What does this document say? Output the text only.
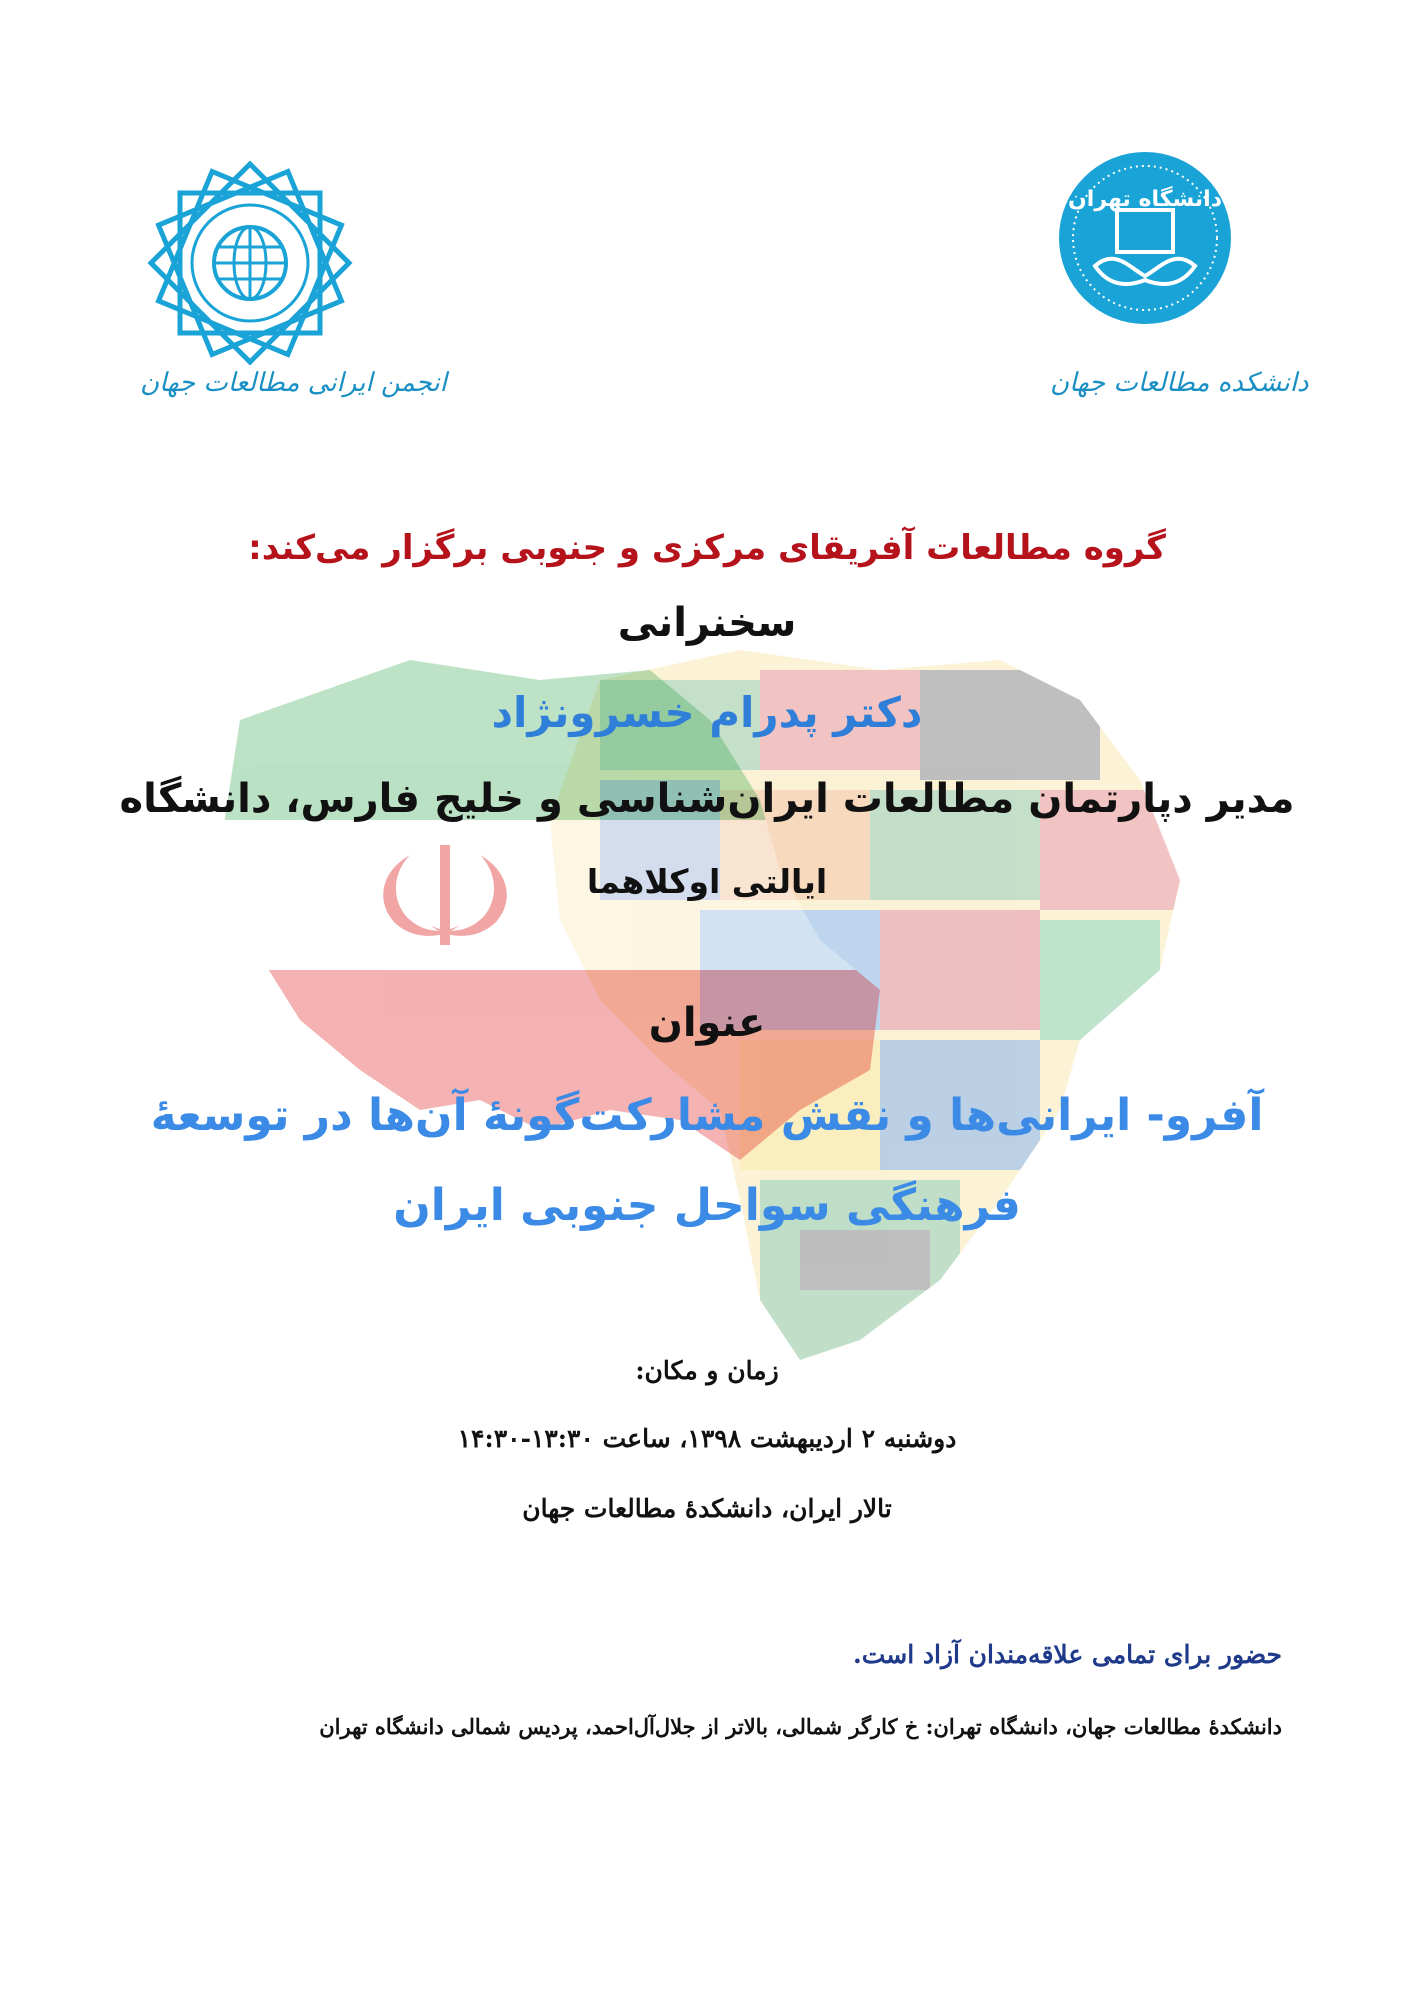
انجمن ایرانی مطالعات جهان
دانشگاه تهران
دانشکده مطالعات جهان
گروه مطالعات آفریقای مرکزی و جنوبی برگزار می‌کند:
سخنرانی
دکتر پدرام خسرونژاد
مدیر دپارتمان مطالعات ایران‌شناسی و خلیج فارس، دانشگاه
ایالتی اوکلاهما
عنوان
آفرو- ایرانی‌ها و نقش مشارکت‌گونهٔ آن‌ها در توسعهٔ
فرهنگی سواحل جنوبی ایران
زمان و مکان:
دوشنبه ۲ اردیبهشت ۱۳۹۸، ساعت ۱۳:۳۰-۱۴:۳۰
تالار ایران، دانشکدهٔ مطالعات جهان
حضور برای تمامی علاقه‌مندان آزاد است.
دانشکدهٔ مطالعات جهان، دانشگاه تهران: خ کارگر شمالی، بالاتر از جلال‌آل‌احمد، پردیس شمالی دانشگاه تهران
